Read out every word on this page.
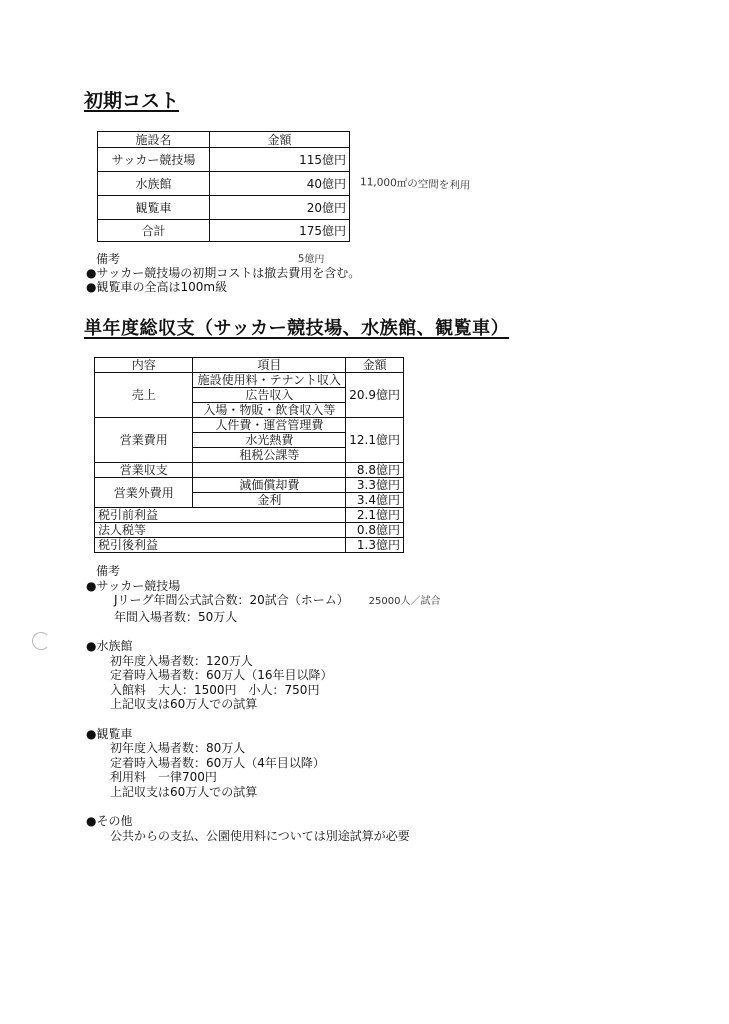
初期コスト
施設名	金額
サッカー競技場	115億円
水族館	40億円
観覧車	20億円
合計	175億円
11,000㎡の空間を利用
5億円
備考
● サッカー競技場の初期コストは撤去費用を含む。
● 観覧車の全高は100m級
単年度総収支（サッカー競技場、水族館、観覧車）
内容	項目	金額
売上	施設使用料・テナント収入	20.9億円
	広告収入	
	入場・物販・飲食収入等	
営業費用	人件費・運営管理費	12.1億円
	水光熱費	
	租税公課等	
営業収支		8.8億円
営業外費用	減価償却費	3.3億円
	金利	3.4億円
税引前利益		2.1億円
法人税等		0.8億円
税引後利益		1.3億円
備考
● サッカー競技場
Jリーグ年間公式試合数：20試合（ホーム） 25000人／試合
年間入場者数：50万人
● 水族館
初年度入場者数：120万人
定着時入場者数：60万人（16年目以降）
入館料　大人：1500円　小人：750円
上記収支は60万人での試算
● 観覧車
初年度入場者数：80万人
定着時入場者数：60万人（4年目以降）
利用料　一律700円
上記収支は60万人での試算
● その他
公共からの支払、公園使用料については別途試算が必要
